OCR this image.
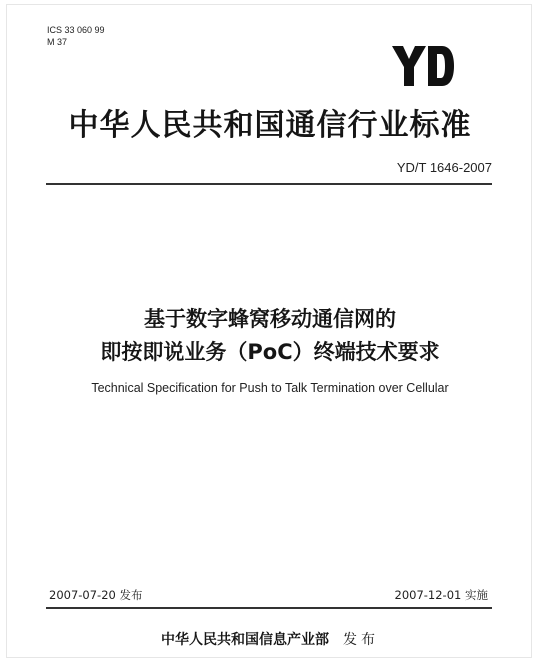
ICS 33 060 99
M 37
中华人民共和国通信行业标准
YD/T 1646-2007
基于数字蜂窝移动通信网的
即按即说业务（PoC）终端技术要求
Technical Specification for Push to Talk Termination over Cellular
2007-07-20 发布	2007-12-01 实施
中华人民共和国信息产业部 发布
